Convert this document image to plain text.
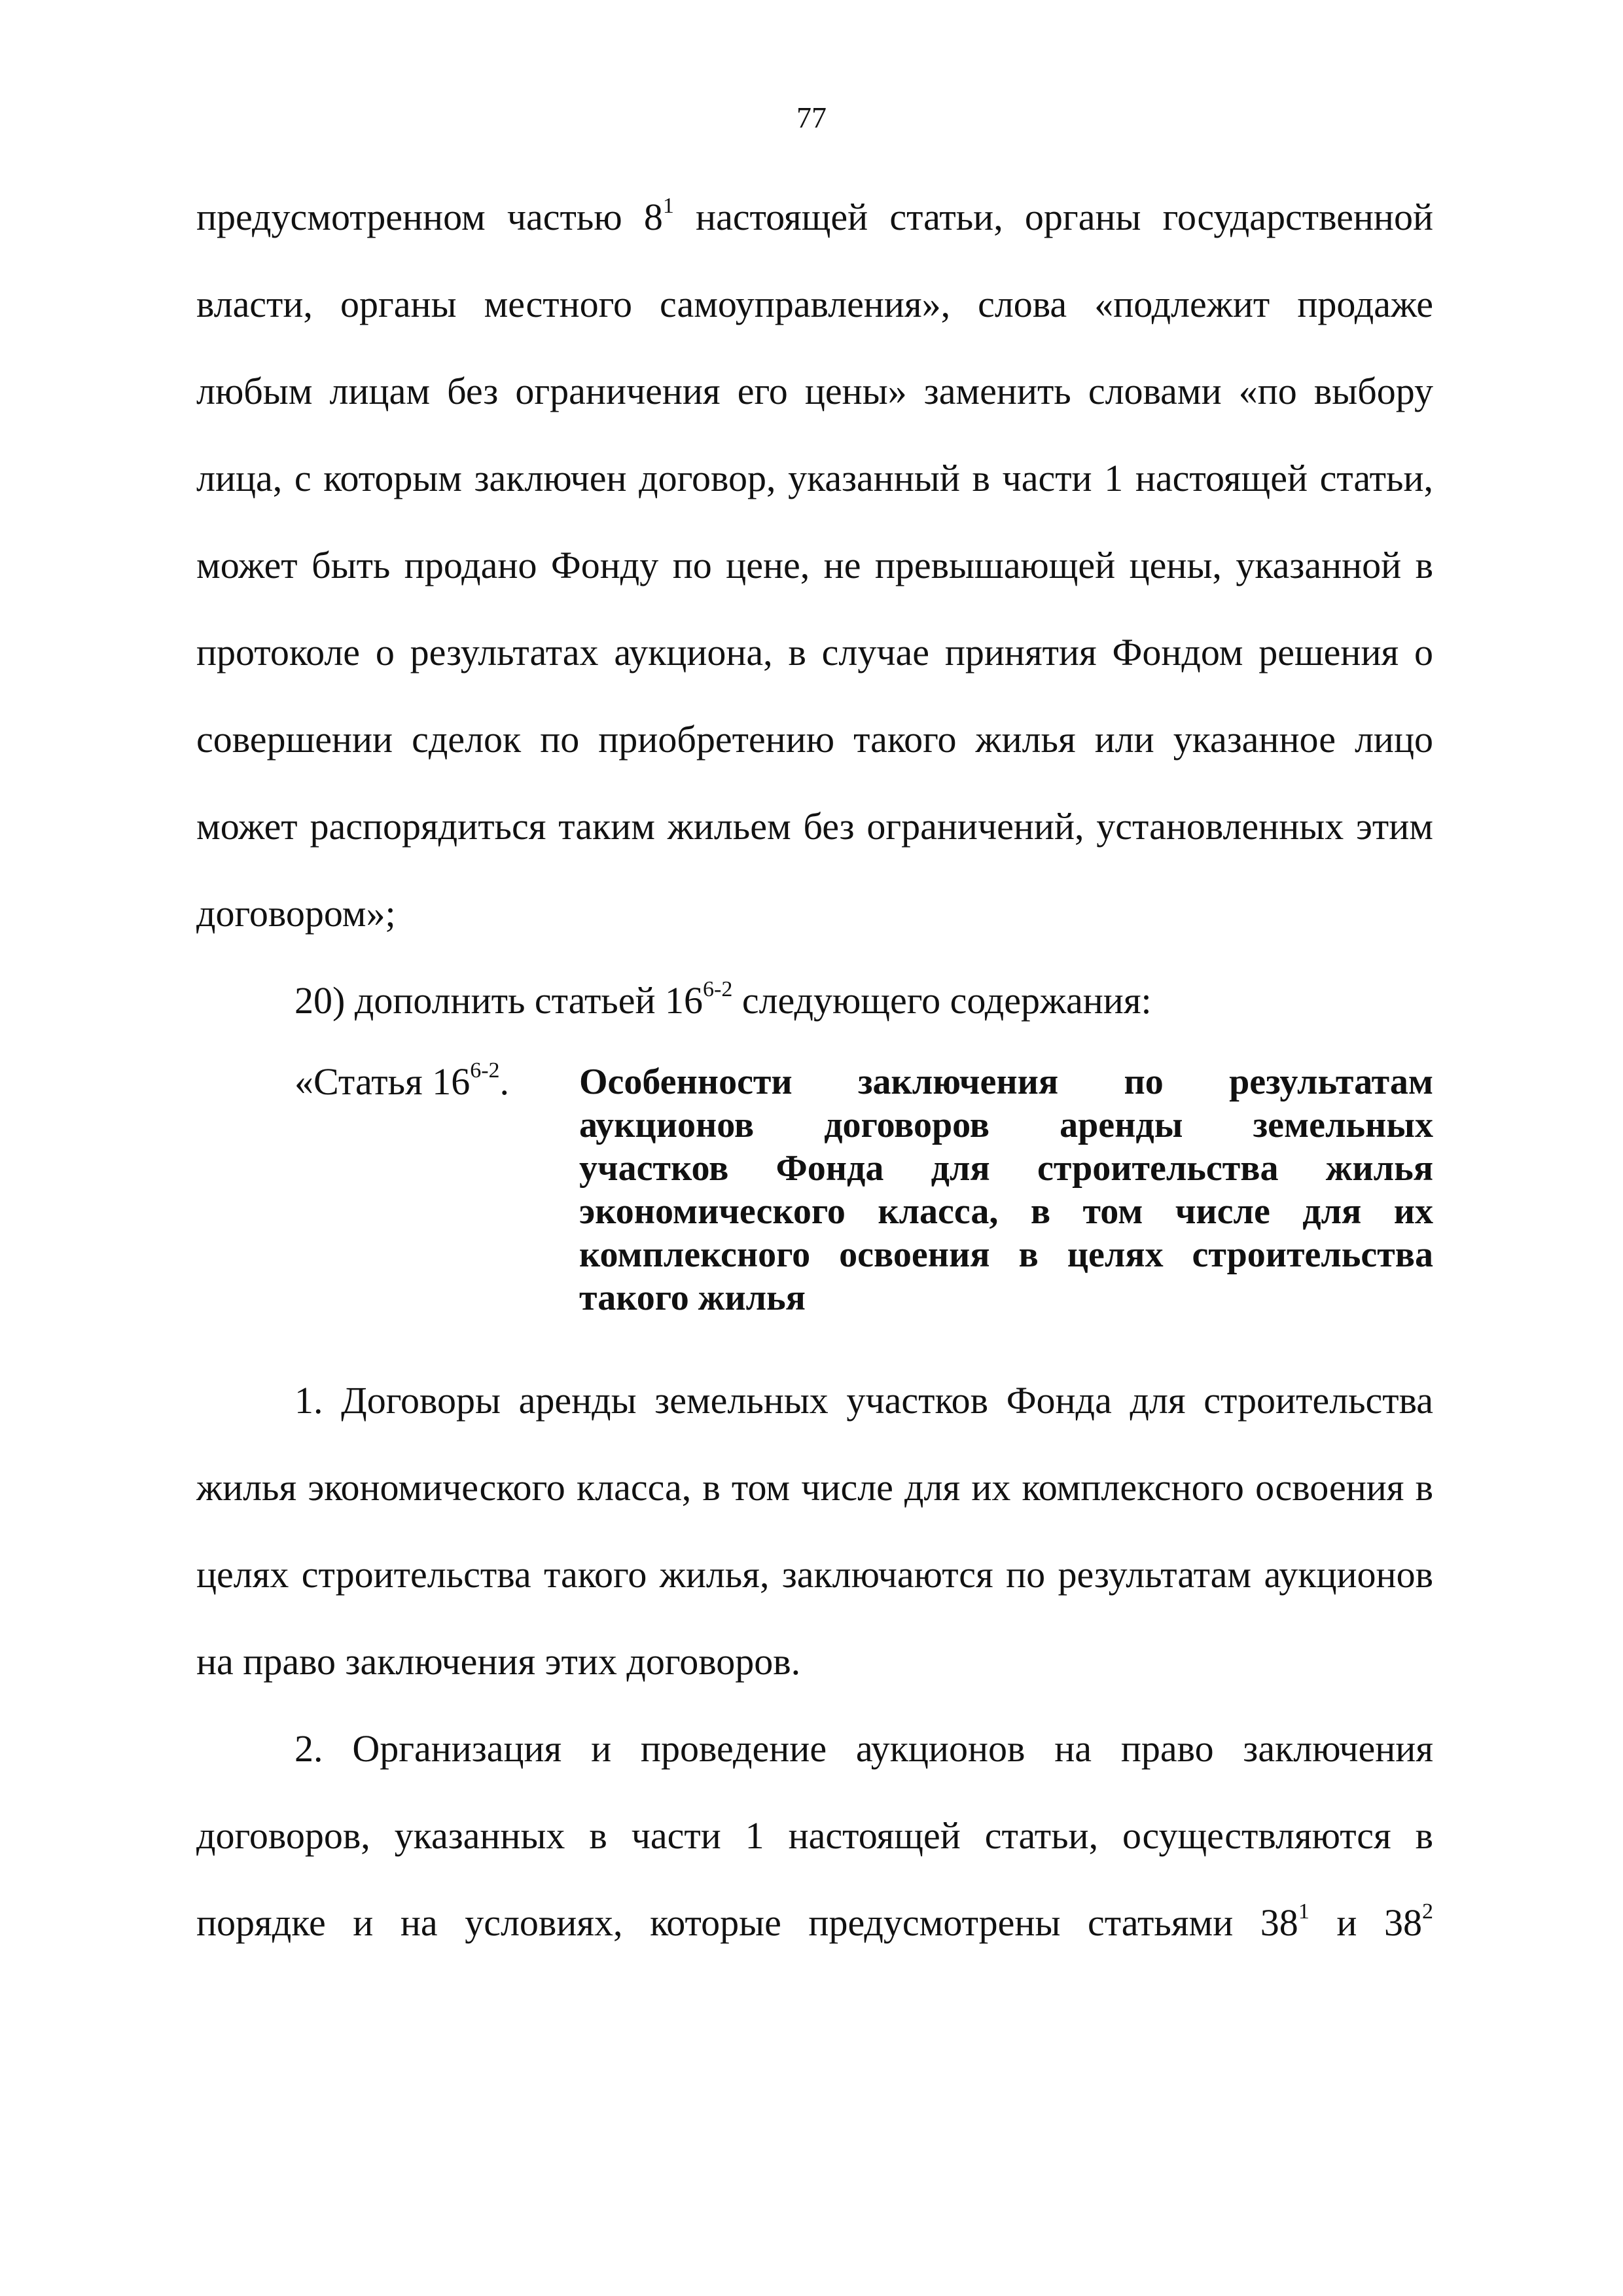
77
предусмотренном частью $8^1$ настоящей статьи, органы государственной
власти, органы местного самоуправления», слова «подлежит продаже
любым лицам без ограничения его цены» заменить словами «по выбору
лица, с которым заключен договор, указанный в части 1 настоящей статьи,
может быть продано Фонду по цене, не превышающей цены, указанной в
протоколе о результатах аукциона, в случае принятия Фондом решения о
совершении сделок по приобретению такого жилья или указанное лицо
может распорядиться таким жильем без ограничений, установленных этим
договором»;
20) дополнить статьей 16$^{6-2}$ следующего содержания:
«Статья 16$^{6-2}$. Особенности заключения по результатам
аукционов договоров аренды земельных
участков Фонда для строительства жилья
экономического класса, в том числе для их
комплексного освоения в целях строительства
такого жилья
1. Договоры аренды земельных участков Фонда для строительства
жилья экономического класса, в том числе для их комплексного освоения в
целях строительства такого жилья, заключаются по результатам аукционов
на право заключения этих договоров.
2. Организация и проведение аукционов на право заключения
договоров, указанных в части 1 настоящей статьи, осуществляются в
порядке и на условиях, которые предусмотрены статьями $38^1$ и $38^2$
